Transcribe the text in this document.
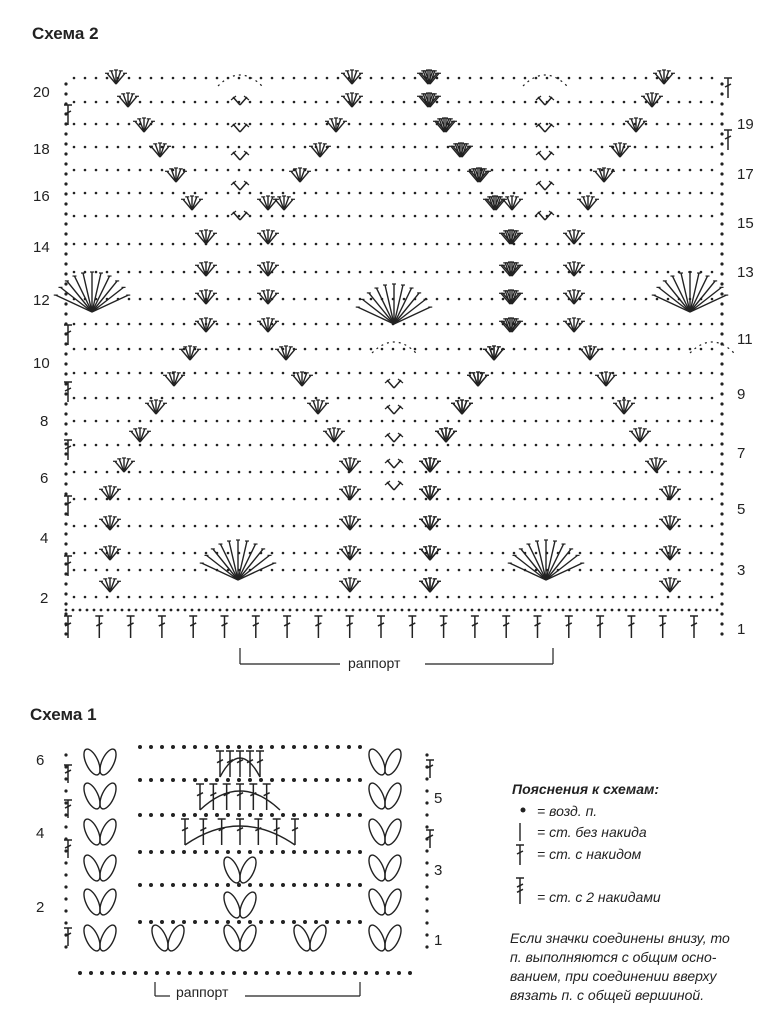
Схема 2
Схема 1
20
18
16
14
12
10
8
6
4
2
19
17
15
13
11
9
7
5
3
1
раппорт
6
4
2
5
3
1
раппорт
Пояснения к схемам:
= возд. п.
= ст. без накида
= ст. с накидом
= ст. с 2 накидами
Если значки соединены внизу, то
п. выполняются с общим осно-
ванием, при соединении вверху
вязать п. с общей вершиной.
